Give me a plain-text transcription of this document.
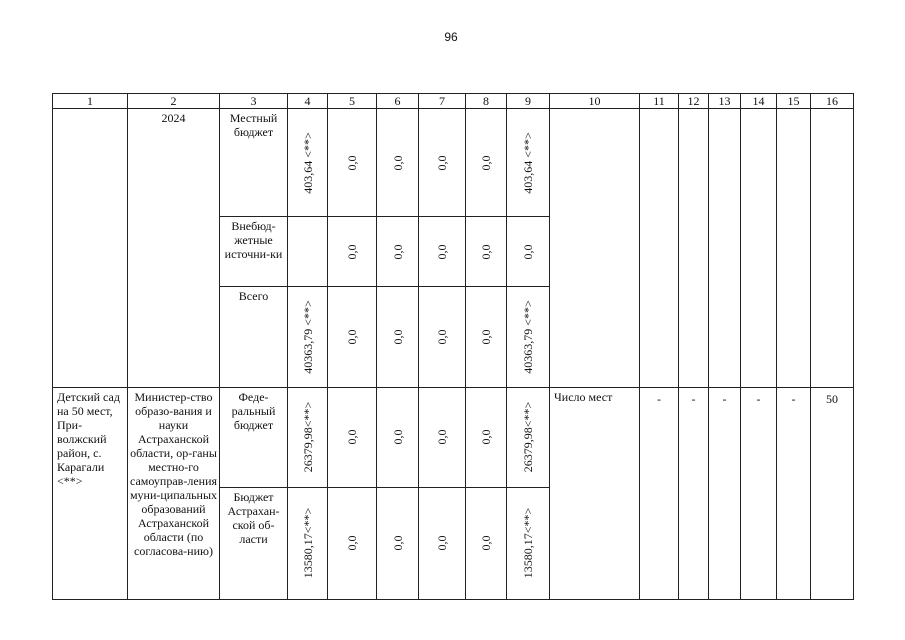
96
1	2	3	4	5	6	7	8	9	10	11	12	13	14	15	16
	2024	Местный бюджет	403,64 <**>	0,0	0,0	0,0	0,0	403,64 <**>							

		Внебюд-жетные источни-ки		0,0	0,0	0,0	0,0	0,0							

		Всего	40363,79 <**>	0,0	0,0	0,0	0,0	40363,79 <**>							

Детский сад на 50 мест, При-волжский район, с. Карагали <**>	Министер-ство образо-вания и науки Астраханской области, ор-ганы местно-го самоуправ-ления муни-ципальных образований Астраханской области (по согласова-нию)	Феде-ральный бюджет	26379,98<**>	0,0	0,0	0,0	0,0	26379,98<**>	Число мест	-	-	-	-	-	50
		Бюджет Астрахан-ской об-ласти	13580,17<**>	0,0	0,0	0,0	0,0	13580,17<**>							
